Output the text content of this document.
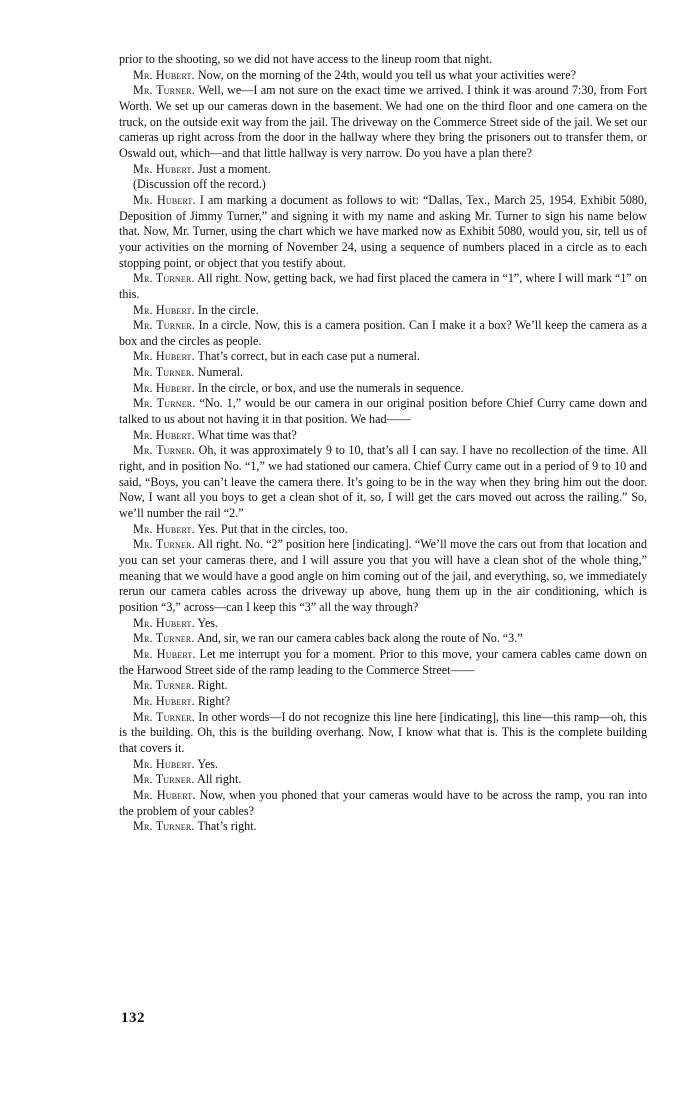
prior to the shooting, so we did not have access to the lineup room that night.

Mr. Hubert. Now, on the morning of the 24th, would you tell us what your activities were?

Mr. Turner. Well, we—I am not sure on the exact time we arrived. I think it was around 7:30, from Fort Worth. We set up our cameras down in the basement. We had one on the third floor and one camera on the truck, on the outside exit way from the jail. The driveway on the Commerce Street side of the jail. We set our cameras up right across from the door in the hallway where they bring the prisoners out to transfer them, or Oswald out, which—and that little hallway is very narrow. Do you have a plan there?

Mr. Hubert. Just a moment.

(Discussion off the record.)

Mr. Hubert. I am marking a document as follows to wit: “Dallas, Tex., March 25, 1954. Exhibit 5080, Deposition of Jimmy Turner,” and signing it with my name and asking Mr. Turner to sign his name below that. Now, Mr. Turner, using the chart which we have marked now as Exhibit 5080, would you, sir, tell us of your activities on the morning of November 24, using a sequence of numbers placed in a circle as to each stopping point, or object that you testify about.

Mr. Turner. All right. Now, getting back, we had first placed the camera in “1”, where I will mark “1” on this.

Mr. Hubert. In the circle.

Mr. Turner. In a circle. Now, this is a camera position. Can I make it a box? We’ll keep the camera as a box and the circles as people.

Mr. Hubert. That’s correct, but in each case put a numeral.

Mr. Turner. Numeral.

Mr. Hubert. In the circle, or box, and use the numerals in sequence.

Mr. Turner. “No. 1,” would be our camera in our original position before Chief Curry came down and talked to us about not having it in that position. We had——

Mr. Hubert. What time was that?

Mr. Turner. Oh, it was approximately 9 to 10, that’s all I can say. I have no recollection of the time. All right, and in position No. “1,” we had stationed our camera. Chief Curry came out in a period of 9 to 10 and said, “Boys, you can’t leave the camera there. It’s going to be in the way when they bring him out the door. Now, I want all you boys to get a clean shot of it, so, I will get the cars moved out across the railing.” So, we’ll number the rail “2.”

Mr. Hubert. Yes. Put that in the circles, too.

Mr. Turner. All right. No. “2” position here [indicating]. “We’ll move the cars out from that location and you can set your cameras there, and I will assure you that you will have a clean shot of the whole thing,” meaning that we would have a good angle on him coming out of the jail, and everything, so, we immediately rerun our camera cables across the driveway up above, hung them up in the air conditioning, which is position “3,” across—can I keep this “3” all the way through?

Mr. Hubert. Yes.

Mr. Turner. And, sir, we ran our camera cables back along the route of No. “3.”

Mr. Hubert. Let me interrupt you for a moment. Prior to this move, your camera cables came down on the Harwood Street side of the ramp leading to the Commerce Street——

Mr. Turner. Right.

Mr. Hubert. Right?

Mr. Turner. In other words—I do not recognize this line here [indicating], this line—this ramp—oh, this is the building. Oh, this is the building overhang. Now, I know what that is. This is the complete building that covers it.

Mr. Hubert. Yes.

Mr. Turner. All right.

Mr. Hubert. Now, when you phoned that your cameras would have to be across the ramp, you ran into the problem of your cables?

Mr. Turner. That’s right.

132
